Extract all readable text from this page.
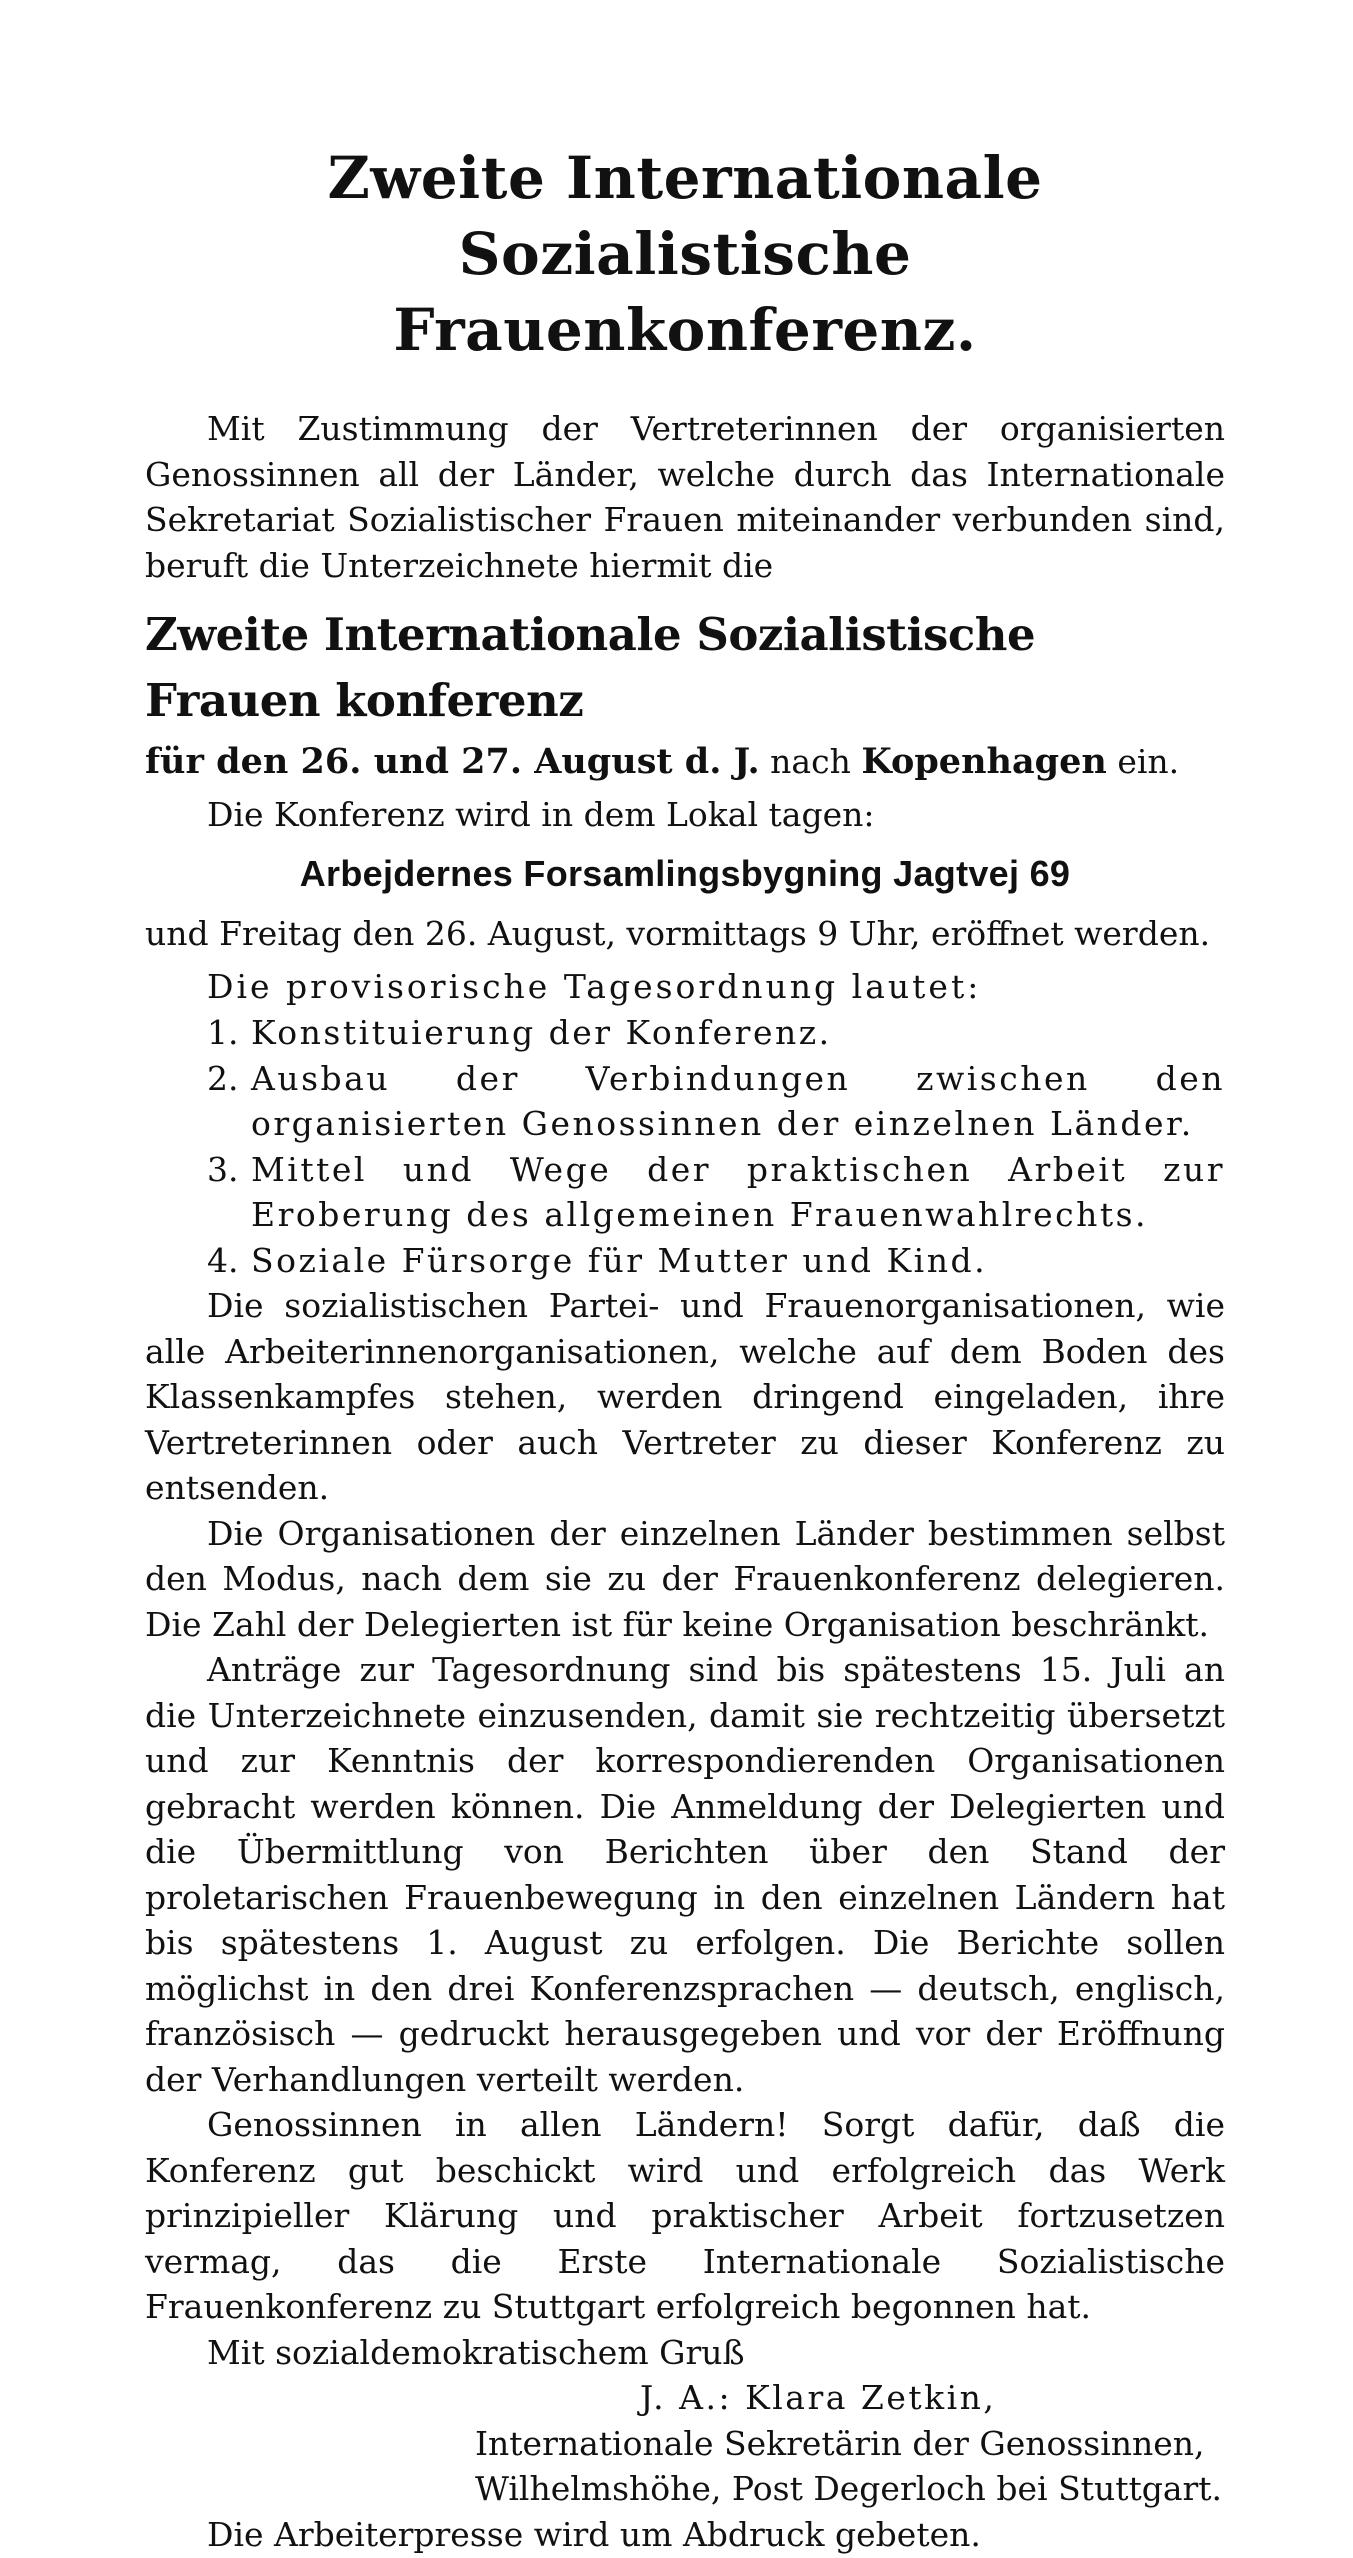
Zweite Internationale Sozialistische
Frauenkonferenz.

Mit Zustimmung der Vertreterinnen der organisierten Genossinnen all der Länder, welche durch das Internationale Sekretariat Sozialistischer Frauen miteinander verbunden sind, beruft die Unterzeichnete hiermit die

Zweite Internationale Sozialistische Frauen konferenz

für den 26. und 27. August d. J. nach Kopenhagen ein.

Die Konferenz wird in dem Lokal tagen:

Arbejdernes Forsamlingsbygning Jagtvej 69

und Freitag den 26. August, vormittags 9 Uhr, eröffnet werden.

Die provisorische Tagesordnung lautet:

1. Konstituierung der Konferenz.
2. Ausbau der Verbindungen zwischen den organisierten Genossinnen der einzelnen Länder.
3. Mittel und Wege der praktischen Arbeit zur Eroberung des allgemeinen Frauenwahlrechts.
4. Soziale Fürsorge für Mutter und Kind.

Die sozialistischen Partei- und Frauenorganisationen, wie alle Arbeiterinnenorganisationen, welche auf dem Boden des Klassenkampfes stehen, werden dringend eingeladen, ihre Vertreterinnen oder auch Vertreter zu dieser Konferenz zu entsenden.

Die Organisationen der einzelnen Länder bestimmen selbst den Modus, nach dem sie zu der Frauenkonferenz delegieren. Die Zahl der Delegierten ist für keine Organisation beschränkt.

Anträge zur Tagesordnung sind bis spätestens 15. Juli an die Unterzeichnete einzusenden, damit sie rechtzeitig übersetzt und zur Kenntnis der korrespondierenden Organisationen gebracht werden können. Die Anmeldung der Delegierten und die Übermittlung von Berichten über den Stand der proletarischen Frauenbewegung in den einzelnen Ländern hat bis spätestens 1. August zu erfolgen. Die Berichte sollen möglichst in den drei Konferenzsprachen — deutsch, englisch, französisch — gedruckt herausgegeben und vor der Eröffnung der Verhandlungen verteilt werden.

Genossinnen in allen Ländern! Sorgt dafür, daß die Konferenz gut beschickt wird und erfolgreich das Werk prinzipieller Klärung und praktischer Arbeit fortzusetzen vermag, das die Erste Internationale Sozialistische Frauenkonferenz zu Stuttgart erfolgreich begonnen hat.

Mit sozialdemokratischem Gruß

J. A.: Klara Zetkin,
Internationale Sekretärin der Genossinnen,
Wilhelmshöhe, Post Degerloch bei Stuttgart.

Die Arbeiterpresse wird um Abdruck gebeten.
